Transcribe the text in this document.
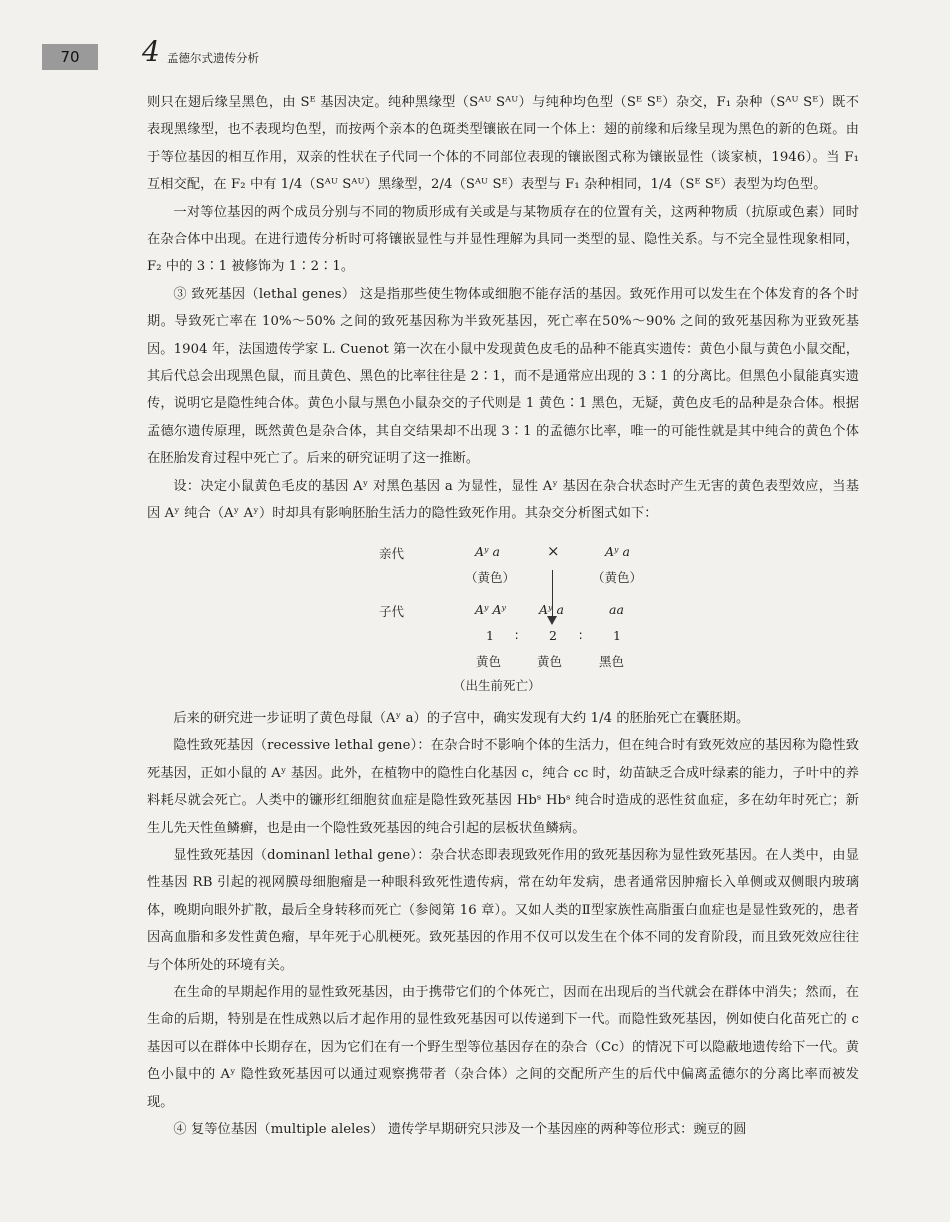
70	4 孟德尔式遗传分析

则只在翅后缘呈黑色，由 Sᴱ 基因决定。纯种黑缘型（Sᴬᵁ Sᴬᵁ）与纯种均色型（Sᴱ Sᴱ）杂交，F₁ 杂种（Sᴬᵁ Sᴱ）既不表现黑缘型，也不表现均色型，而按两个亲本的色斑类型镶嵌在同一个体上：翅的前缘和后缘呈现为黑色的新的色斑。由于等位基因的相互作用，双亲的性状在子代同一个体的不同部位表现的镶嵌图式称为镶嵌显性（谈家桢，1946）。当 F₁ 互相交配，在 F₂ 中有 1/4（Sᴬᵁ Sᴬᵁ）黑缘型，2/4（Sᴬᵁ Sᴱ）表型与 F₁ 杂种相同，1/4（Sᴱ Sᴱ）表型为均色型。

一对等位基因的两个成员分别与不同的物质形成有关或是与某物质存在的位置有关，这两种物质（抗原或色素）同时在杂合体中出现。在进行遗传分析时可将镶嵌显性与并显性理解为具同一类型的显、隐性关系。与不完全显性现象相同，F₂ 中的 3∶1 被修饰为 1∶2∶1。

③ 致死基因（lethal genes） 这是指那些使生物体或细胞不能存活的基因。致死作用可以发生在个体发育的各个时期。导致死亡率在 10%～50% 之间的致死基因称为半致死基因，死亡率在50%～90% 之间的致死基因称为亚致死基因。1904 年，法国遗传学家 L. Cuenot 第一次在小鼠中发现黄色皮毛的品种不能真实遗传：黄色小鼠与黄色小鼠交配，其后代总会出现黑色鼠，而且黄色、黑色的比率往往是 2∶1，而不是通常应出现的 3∶1 的分离比。但黑色小鼠能真实遗传，说明它是隐性纯合体。黄色小鼠与黑色小鼠杂交的子代则是 1 黄色∶1 黑色，无疑，黄色皮毛的品种是杂合体。根据孟德尔遗传原理，既然黄色是杂合体，其自交结果却不出现 3∶1 的孟德尔比率，唯一的可能性就是其中纯合的黄色个体在胚胎发育过程中死亡了。后来的研究证明了这一推断。

设：决定小鼠黄色毛皮的基因 Aʸ 对黑色基因 a 为显性，显性 Aʸ 基因在杂合状态时产生无害的黄色表型效应，当基因 Aʸ 纯合（Aʸ Aʸ）时却具有影响胚胎生活力的隐性致死作用。其杂交分析图式如下：

亲代	Aʸ a	×	Aʸ a
（黄色）	（黄色）
子代	Aʸ Aʸ	Aʸ a	aa
1 ∶ 2 ∶ 1
黄色	黄色	黑色
（出生前死亡）

后来的研究进一步证明了黄色母鼠（Aʸ a）的子宫中，确实发现有大约 1/4 的胚胎死亡在囊胚期。

隐性致死基因（recessive lethal gene）：在杂合时不影响个体的生活力，但在纯合时有致死效应的基因称为隐性致死基因，正如小鼠的 Aʸ 基因。此外，在植物中的隐性白化基因 c，纯合 cc 时，幼苗缺乏合成叶绿素的能力，子叶中的养料耗尽就会死亡。人类中的镰形红细胞贫血症是隐性致死基因 Hbˢ Hbˢ 纯合时造成的恶性贫血症，多在幼年时死亡；新生儿先天性鱼鳞癣，也是由一个隐性致死基因的纯合引起的层板状鱼鳞病。

显性致死基因（dominanl lethal gene）：杂合状态即表现致死作用的致死基因称为显性致死基因。在人类中，由显性基因 RB 引起的视网膜母细胞瘤是一种眼科致死性遗传病，常在幼年发病，患者通常因肿瘤长入单侧或双侧眼内玻璃体，晚期向眼外扩散，最后全身转移而死亡（参阅第 16 章）。又如人类的Ⅱ型家族性高脂蛋白血症也是显性致死的，患者因高血脂和多发性黄色瘤，早年死于心肌梗死。致死基因的作用不仅可以发生在个体不同的发育阶段，而且致死效应往往与个体所处的环境有关。

在生命的早期起作用的显性致死基因，由于携带它们的个体死亡，因而在出现后的当代就会在群体中消失；然而，在生命的后期，特别是在性成熟以后才起作用的显性致死基因可以传递到下一代。而隐性致死基因，例如使白化苗死亡的 c 基因可以在群体中长期存在，因为它们在有一个野生型等位基因存在的杂合（Cc）的情况下可以隐蔽地遗传给下一代。黄色小鼠中的 Aʸ 隐性致死基因可以通过观察携带者（杂合体）之间的交配所产生的后代中偏离孟德尔的分离比率而被发现。

④ 复等位基因（multiple aleles） 遗传学早期研究只涉及一个基因座的两种等位形式：豌豆的圆
